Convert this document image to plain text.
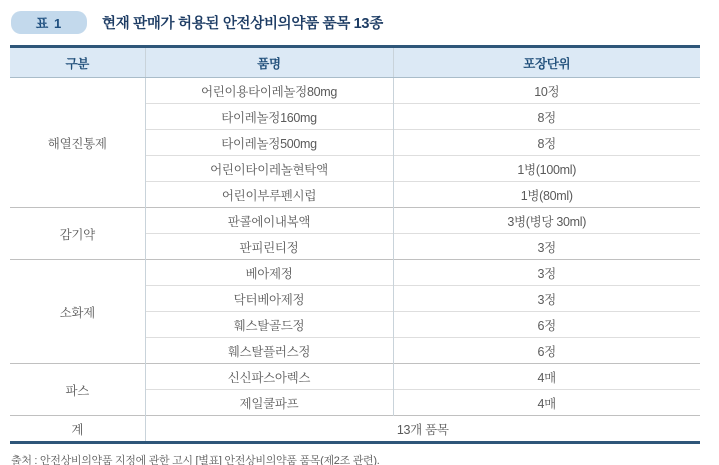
표 1	현재 판매가 허용된 안전상비의약품 품목 13종
구분	품명	포장단위
해열진통제	어린이용타이레놀정80mg	10정
	타이레놀정160mg	8정
	타이레놀정500mg	8정
	어린이타이레놀현탁액	1병(100ml)
	어린이부루펜시럽	1병(80ml)
감기약	판콜에이내복액	3병(병당 30ml)
	판피린티정	3정
소화제	베아제정	3정
	닥터베아제정	3정
	훼스탈골드정	6정
	훼스탈플러스정	6정
파스	신신파스아렉스	4매
	제일쿨파프	4매
계	13개 품목	
출처 : 안전상비의약품 지정에 관한 고시 [별표] 안전상비의약품 품목(제2조 관련).
